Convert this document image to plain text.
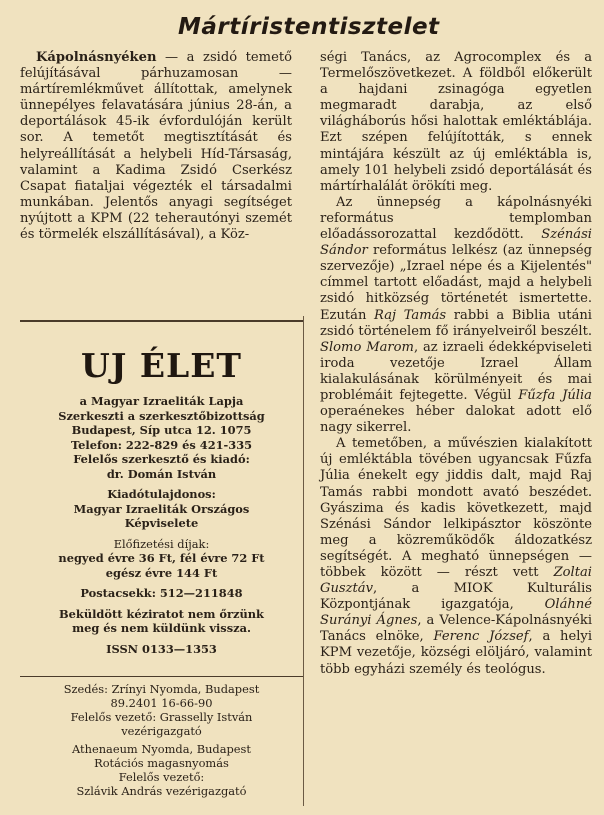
Mártíristentisztelet

Kápolnásnyéken — a zsidó temető felújításával párhuzamosan — mártíremlékművet állítottak, amelynek ünnepélyes felavatására június 28-án, a deportálások 45-ik évfordulóján került sor. A temetőt megtisztítását és helyreállítását a helybeli Híd-Társaság, valamint a Kadima Zsidó Cserkész Csapat fiataljai végezték el társadalmi munkában. Jelentős anyagi segítséget nyújtott a KPM (22 teherautónyi szemét és törmelék elszállításával), a Köz-

ségi Tanács, az Agrocomplex és a Termelőszövetkezet. A földből előkerült a hajdani zsinagóga egyetlen megmaradt darabja, az első világháborús hősi halottak emléktáblája. Ezt szépen felújították, s ennek mintájára készült az új emléktábla is, amely 101 helybeli zsidó deportálását és mártírhalálát örökíti meg.

Az ünnepség a kápolnásnyéki református templomban előadássorozattal kezdődött. Szénási Sándor református lelkész (az ünnepség szervezője) „Izrael népe és a Kijelentés" címmel tartott előadást, majd a helybeli zsidó hitközség történetét ismertette. Ezután Raj Tamás rabbi a Biblia utáni zsidó történelem fő irányelveiről beszélt. Slomo Marom, az izraeli édekképviseleti iroda vezetője Izrael Állam kialakulásának körülményeit és mai problémáit fejtegette. Végül Fűzfa Júlia operaénekes héber dalokat adott elő nagy sikerrel.

A temetőben, a művészien kialakított új emléktábla tövében ugyancsak Fűzfa Júlia énekelt egy jiddis dalt, majd Raj Tamás rabbi mondott avató beszédet. Gyászima és kadis következett, majd Szénási Sándor lelkipásztor köszönte meg a közreműködők áldozatkész segítségét. A megható ünnepségen — többek között — részt vett Zoltai Gusztáv, a MIOK Kulturális Központjának igazgatója, Oláhné Surányi Ágnes, a Velence-Kápolnásnyéki Tanács elnöke, Ferenc József, a helyi KPM vezetője, községi elöljáró, valamint több egyházi személy és teológus.

UJ ÉLET
a Magyar Izraeliták Lapja
Szerkeszti a szerkesztőbizottság
Budapest, Síp utca 12. 1075
Telefon: 222-829 és 421-335
Felelős szerkesztő és kiadó:
dr. Domán István
Kiadótulajdonos:
Magyar Izraeliták Országos
Képviselete
Előfizetési díjak:
negyed évre 36 Ft, fél évre 72 Ft
egész évre 144 Ft
Postacsekk: 512—211848
Beküldött kéziratot nem őrzünk
meg és nem küldünk vissza.
ISSN 0133—1353
Szedés: Zrínyi Nyomda, Budapest
89.2401 16-66-90
Felelős vezető: Grasselly István
vezérigazgató
Athenaeum Nyomda, Budapest
Rotációs magasnyomás
Felelős vezető:
Szlávik András vezérigazgató
